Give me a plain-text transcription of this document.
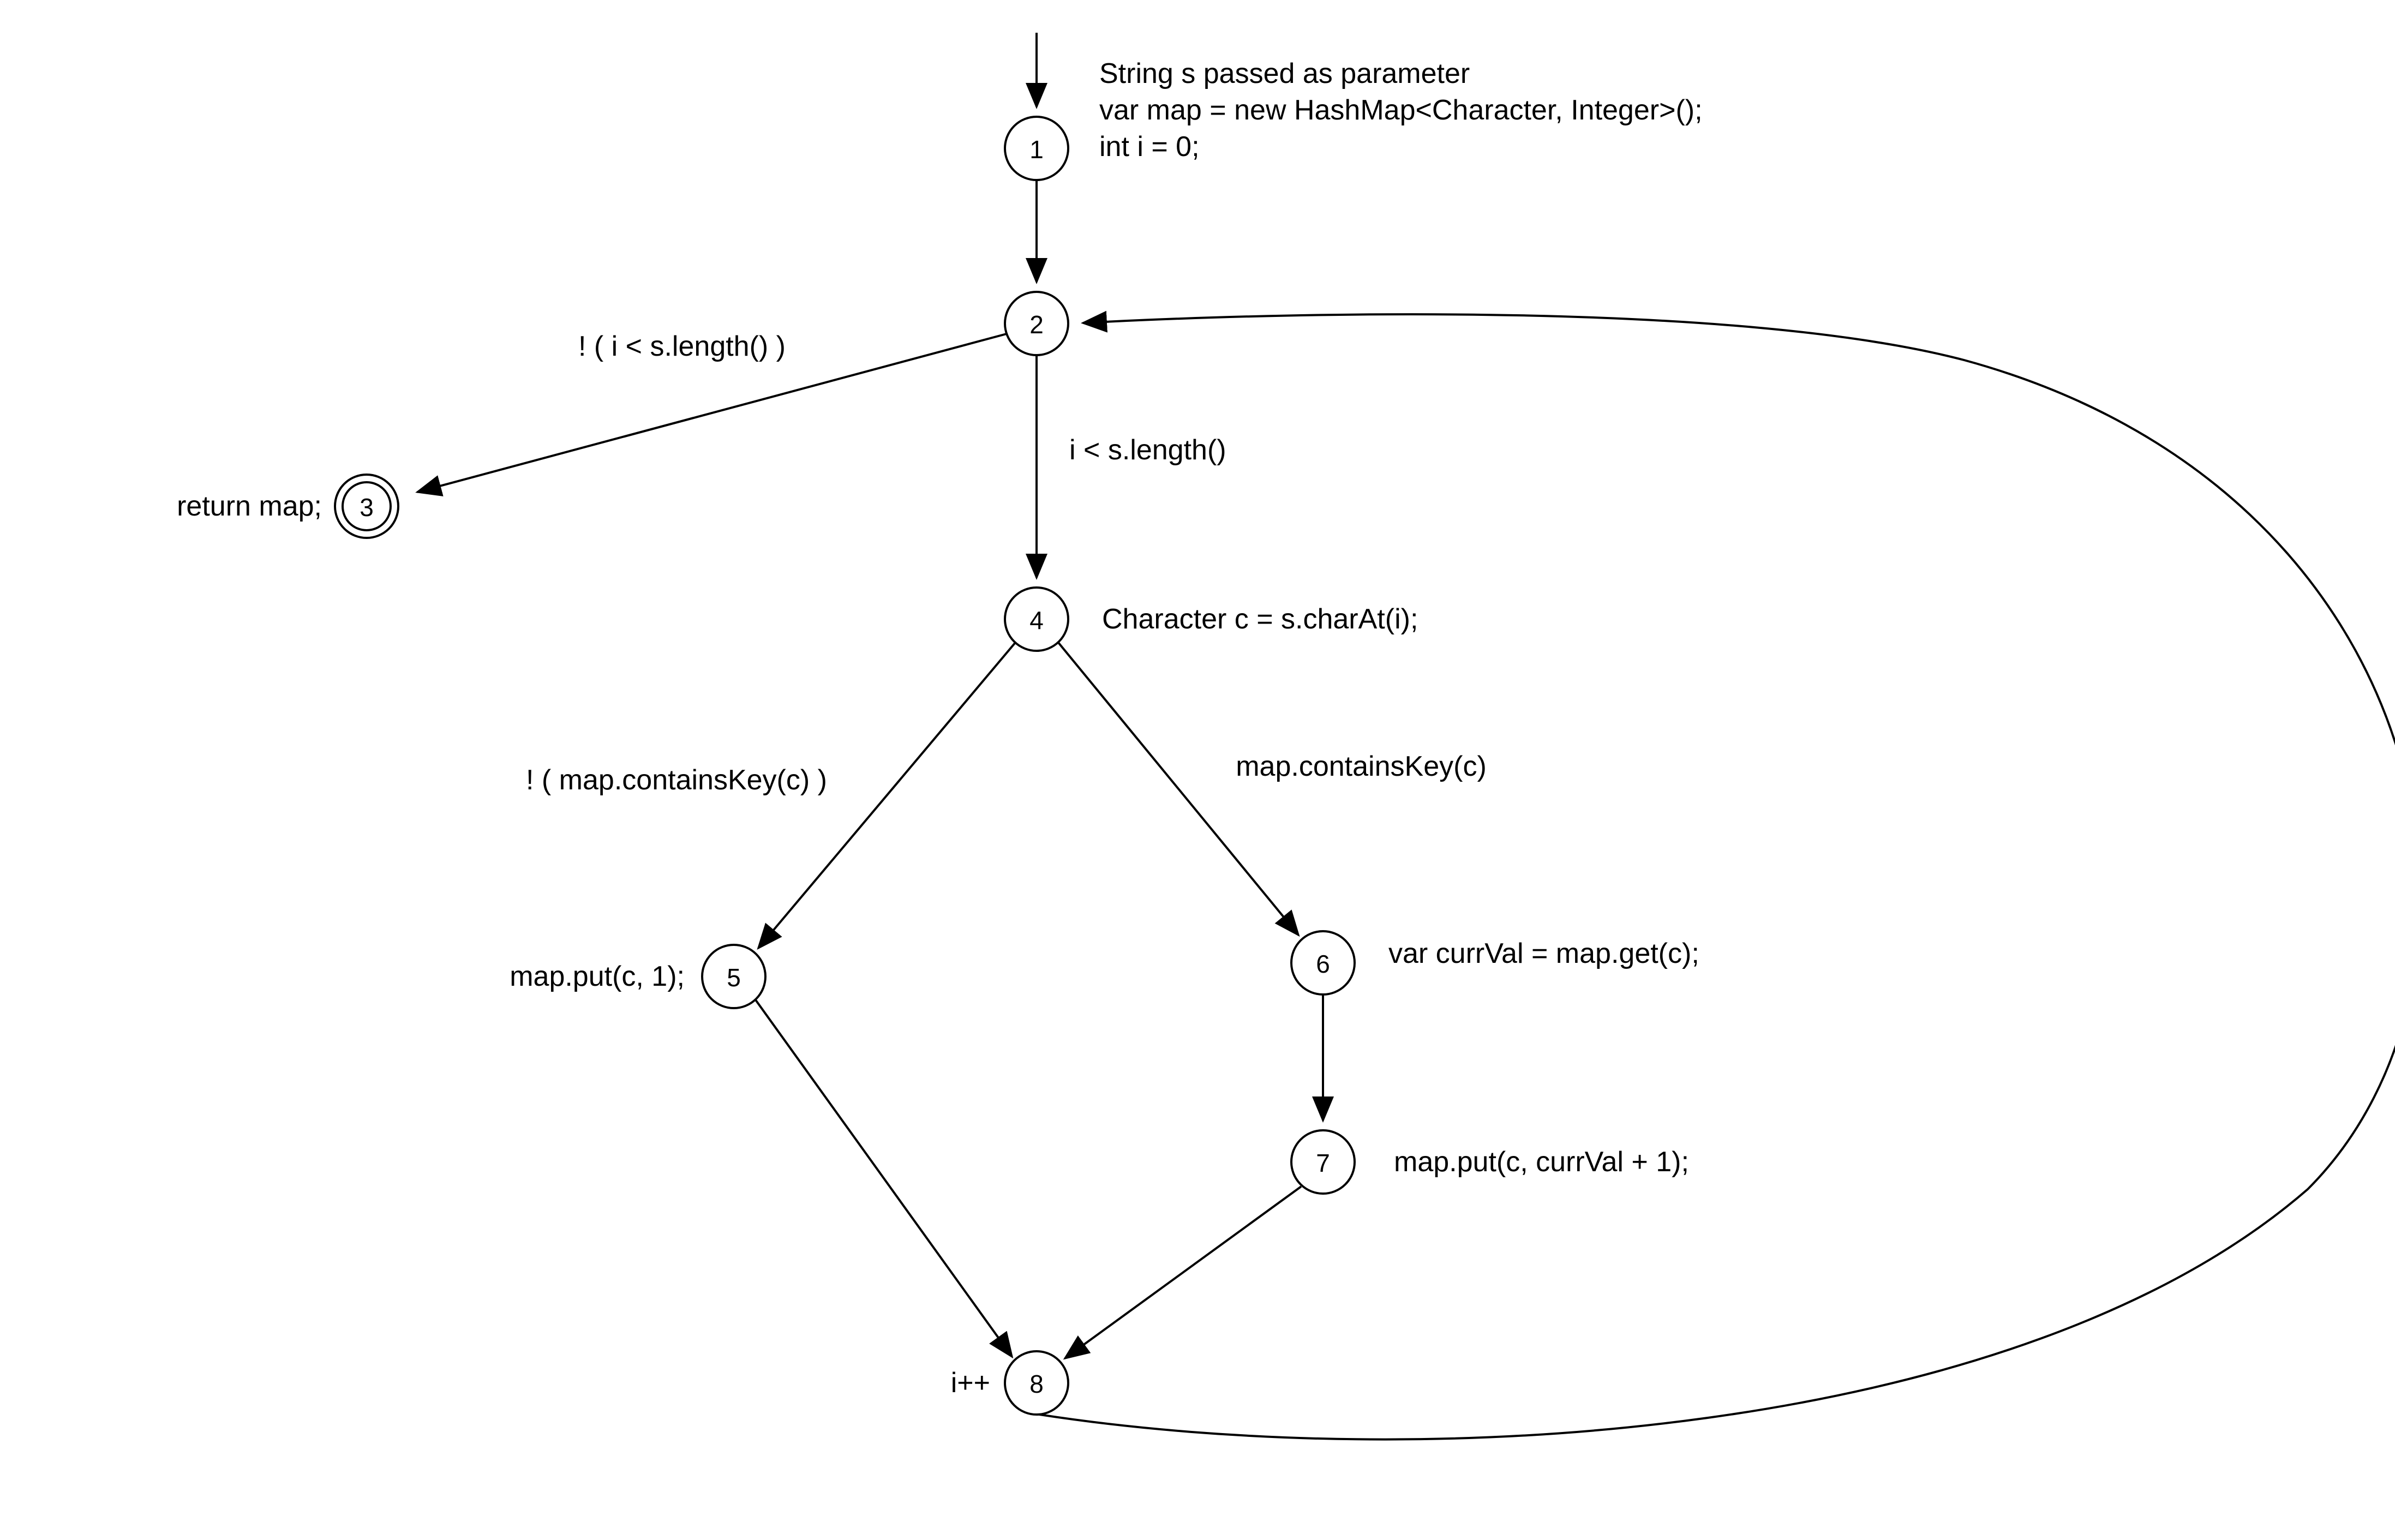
1
2
3
4
5	6
7
8
String s passed as parameter
var map = new HashMap<Character, Integer>();
int i = 0;
return map;
Character c = s.charAt(i);
map.put(c, 1);
var currVal = map.get(c);
map.put(c, currVal + 1);
i++
! ( i < s.length() )
i < s.length()
! ( map.containsKey(c) )	map.containsKey(c)
